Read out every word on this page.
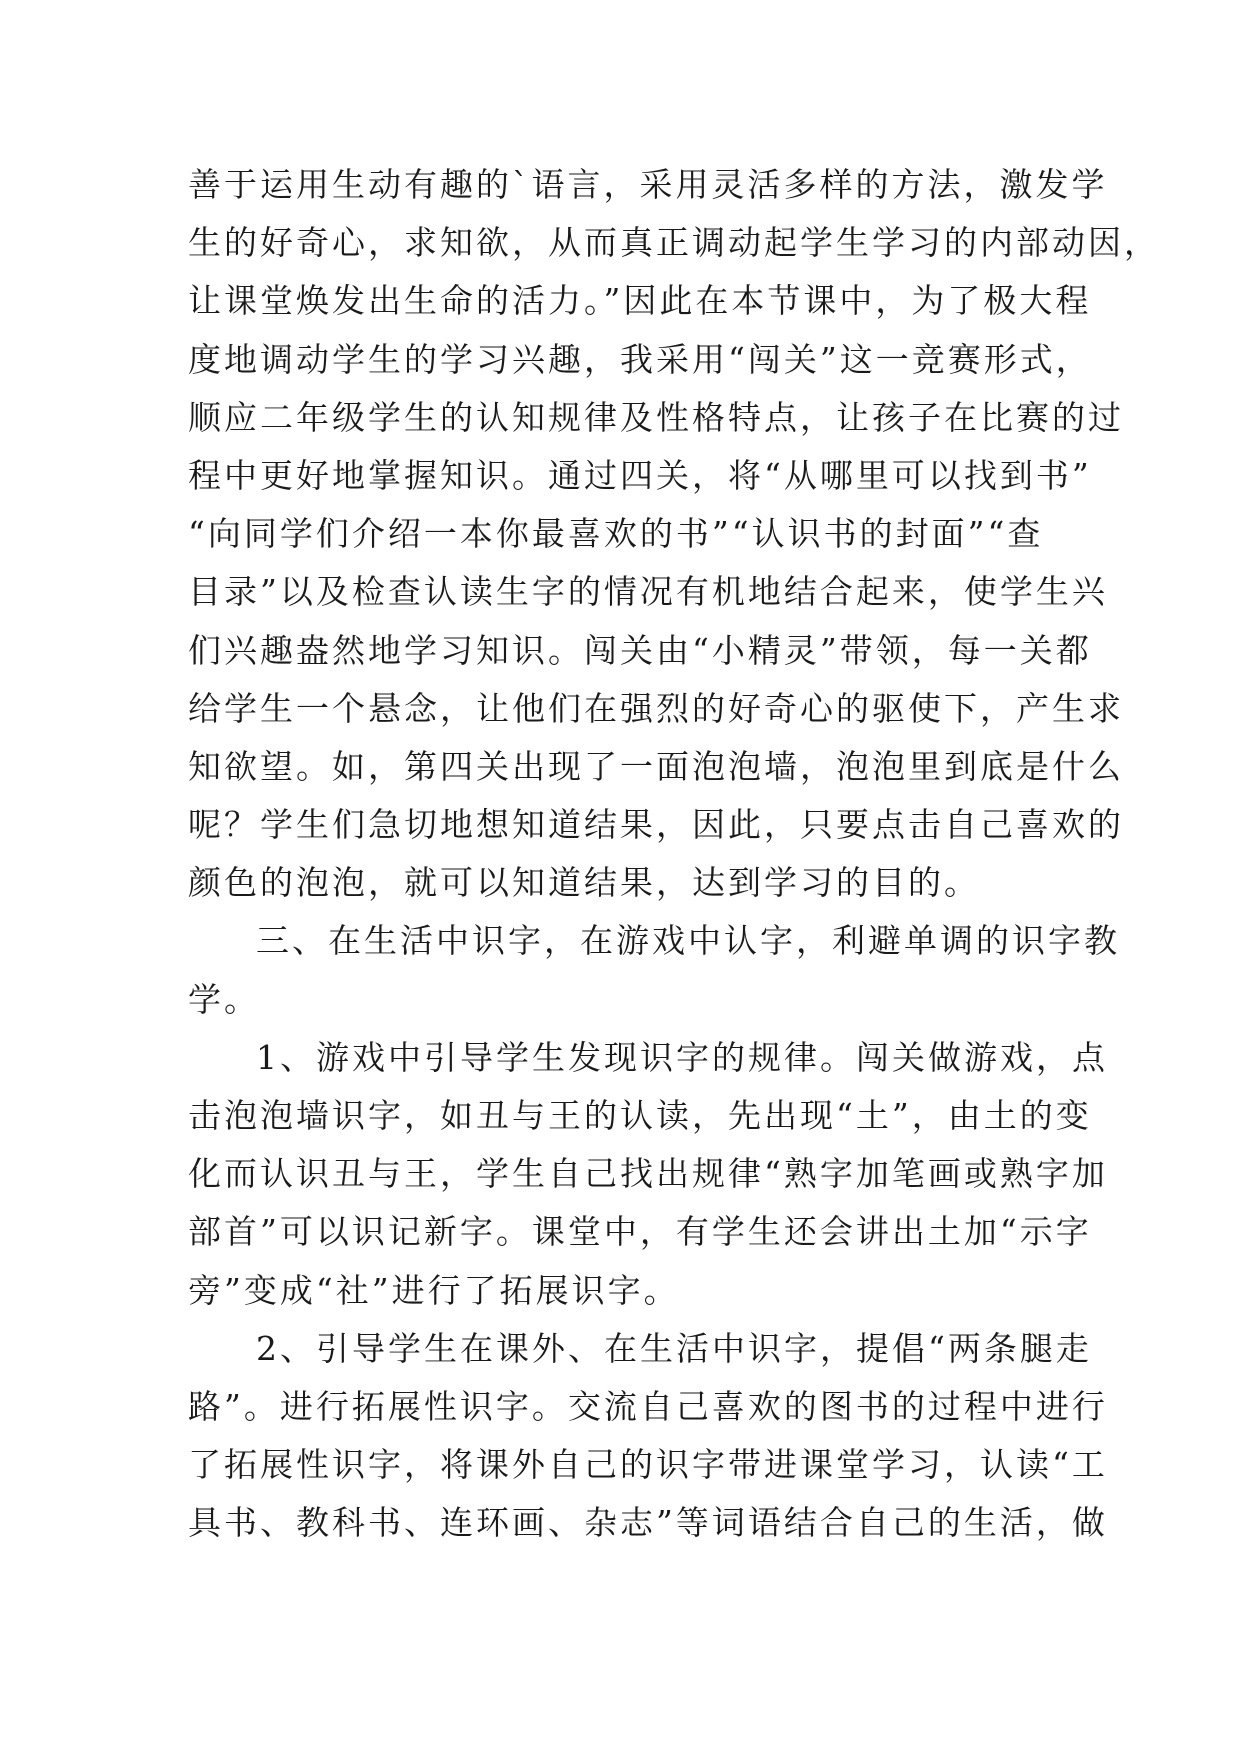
善于运用生动有趣的`语言，采用灵活多样的方法，激发学
生的好奇心，求知欲，从而真正调动起学生学习的内部动因，
让课堂焕发出生命的活力。”因此在本节课中，为了极大程
度地调动学生的学习兴趣，我采用“闯关”这一竞赛形式，
顺应二年级学生的认知规律及性格特点，让孩子在比赛的过
程中更好地掌握知识。通过四关，将“从哪里可以找到书”
“向同学们介绍一本你最喜欢的书”“认识书的封面”“查
目录”以及检查认读生字的情况有机地结合起来，使学生兴
们兴趣盎然地学习知识。闯关由“小精灵”带领，每一关都
给学生一个悬念，让他们在强烈的好奇心的驱使下，产生求
知欲望。如，第四关出现了一面泡泡墙，泡泡里到底是什么
呢？学生们急切地想知道结果，因此，只要点击自己喜欢的
颜色的泡泡，就可以知道结果，达到学习的目的。
三、在生活中识字，在游戏中认字，利避单调的识字教
学。
1、游戏中引导学生发现识字的规律。闯关做游戏，点
击泡泡墙识字，如丑与王的认读，先出现“土”，由土的变
化而认识丑与王，学生自己找出规律“熟字加笔画或熟字加
部首”可以识记新字。课堂中，有学生还会讲出土加“示字
旁”变成“社”进行了拓展识字。
2、引导学生在课外、在生活中识字，提倡“两条腿走
路”。进行拓展性识字。交流自己喜欢的图书的过程中进行
了拓展性识字，将课外自己的识字带进课堂学习，认读“工
具书、教科书、连环画、杂志”等词语结合自己的生活，做
